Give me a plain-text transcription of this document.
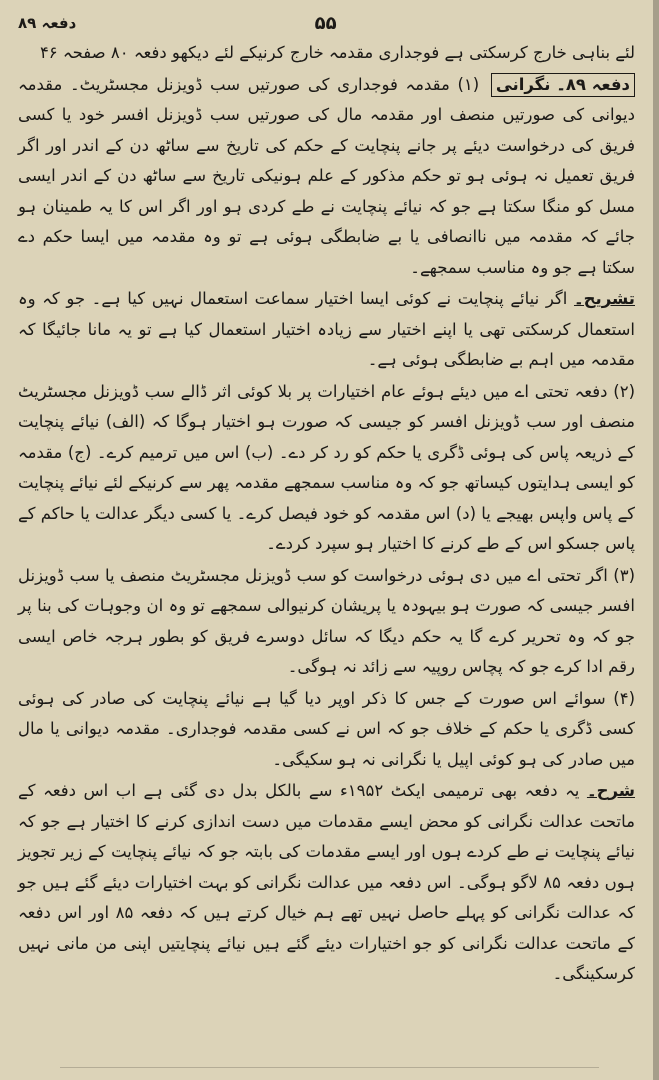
دفعہ ۸۹	۵۵

لئے بناہی خارج کرسکتی ہے فوجداری مقدمہ خارج کرنیکے لئے دیکھو دفعہ ۸۰ صفحہ ۴۶

دفعہ ۸۹۔ نگرانی (۱) مقدمہ فوجداری کی صورتیں سب ڈویزنل مجسٹریٹ۔ مقدمہ دیوانی کی صورتیں منصف اور مقدمہ مال کی صورتیں سب ڈویزنل افسر خود یا کسی فریق کی درخواست دیئے پر جانے پنچایت کے حکم کی تاریخ سے ساٹھ دن کے اندر اور اگر فریق تعمیل نہ ہوئی ہو تو حکم مذکور کے علم ہونیکی تاریخ سے ساٹھ دن کے اندر ایسی مسل کو منگا سکتا ہے جو کہ نیائے پنچایت نے طے کردی ہو اور اگر اس کا یہ طمینان ہو جائے کہ مقدمہ میں ناانصافی یا بے ضابطگی ہوئی ہے تو وہ مقدمہ میں ایسا حکم دے سکتا ہے جو وہ مناسب سمجھے۔

تشریح۔ اگر نیائے پنچایت نے کوئی ایسا اختیار سماعت استعمال نہیں کیا ہے۔ جو کہ وہ استعمال کرسکتی تھی یا اپنے اختیار سے زیادہ اختیار استعمال کیا ہے تو یہ مانا جائیگا کہ مقدمہ میں اہم بے ضابطگی ہوئی ہے۔

(۲) دفعہ تحتی اے میں دیئے ہوئے عام اختیارات پر بلا کوئی اثر ڈالے سب ڈویزنل مجسٹریٹ منصف اور سب ڈویزنل افسر کو جیسی کہ صورت ہو اختیار ہوگا کہ (الف) نیائے پنچایت کے ذریعہ پاس کی ہوئی ڈگری یا حکم کو رد کر دے۔ (ب) اس میں ترمیم کرے۔ (ج) مقدمہ کو ایسی ہدایتوں کیساتھ جو کہ وہ مناسب سمجھے مقدمہ پھر سے کرنیکے لئے نیائے پنچایت کے پاس واپس بھیجے یا (د) اس مقدمہ کو خود فیصل کرے۔ یا کسی دیگر عدالت یا حاکم کے پاس جسکو اس کے طے کرنے کا اختیار ہو سپرد کردے۔

(۳) اگر تحتی اے میں دی ہوئی درخواست کو سب ڈویزنل مجسٹریٹ منصف یا سب ڈویزنل افسر جیسی کہ صورت ہو بیہودہ یا پریشان کرنیوالی سمجھے تو وہ ان وجوہات کی بنا پر جو کہ وہ تحریر کرے گا یہ حکم دیگا کہ سائل دوسرے فریق کو بطور ہرجہ خاص ایسی رقم ادا کرے جو کہ پچاس روپیہ سے زائد نہ ہوگی۔

(۴) سوائے اس صورت کے جس کا ذکر اوپر دیا گیا ہے نیائے پنچایت کی صادر کی ہوئی کسی ڈگری یا حکم کے خلاف جو کہ اس نے کسی مقدمہ فوجداری۔ مقدمہ دیوانی یا مال میں صادر کی ہو کوئی اپیل یا نگرانی نہ ہو سکیگی۔

شرح۔ یہ دفعہ بھی ترمیمی ایکٹ ۱۹۵۲ء سے بالکل بدل دی گئی ہے اب اس دفعہ کے ماتحت عدالت نگرانی کو محض ایسے مقدمات میں دست اندازی کرنے کا اختیار ہے جو کہ نیائے پنچایت نے طے کردے ہوں اور ایسے مقدمات کی بابتہ جو کہ نیائے پنچایت کے زیر تجویز ہوں دفعہ ۸۵ لاگو ہوگی۔ اس دفعہ میں عدالت نگرانی کو بہت اختیارات دیئے گئے ہیں جو کہ عدالت نگرانی کو پہلے حاصل نہیں تھے ہم خیال کرتے ہیں کہ دفعہ ۸۵ اور اس دفعہ کے ماتحت عدالت نگرانی کو جو اختیارات دیئے گئے ہیں نیائے پنچایتیں اپنی من مانی نہیں کرسکینگی۔
